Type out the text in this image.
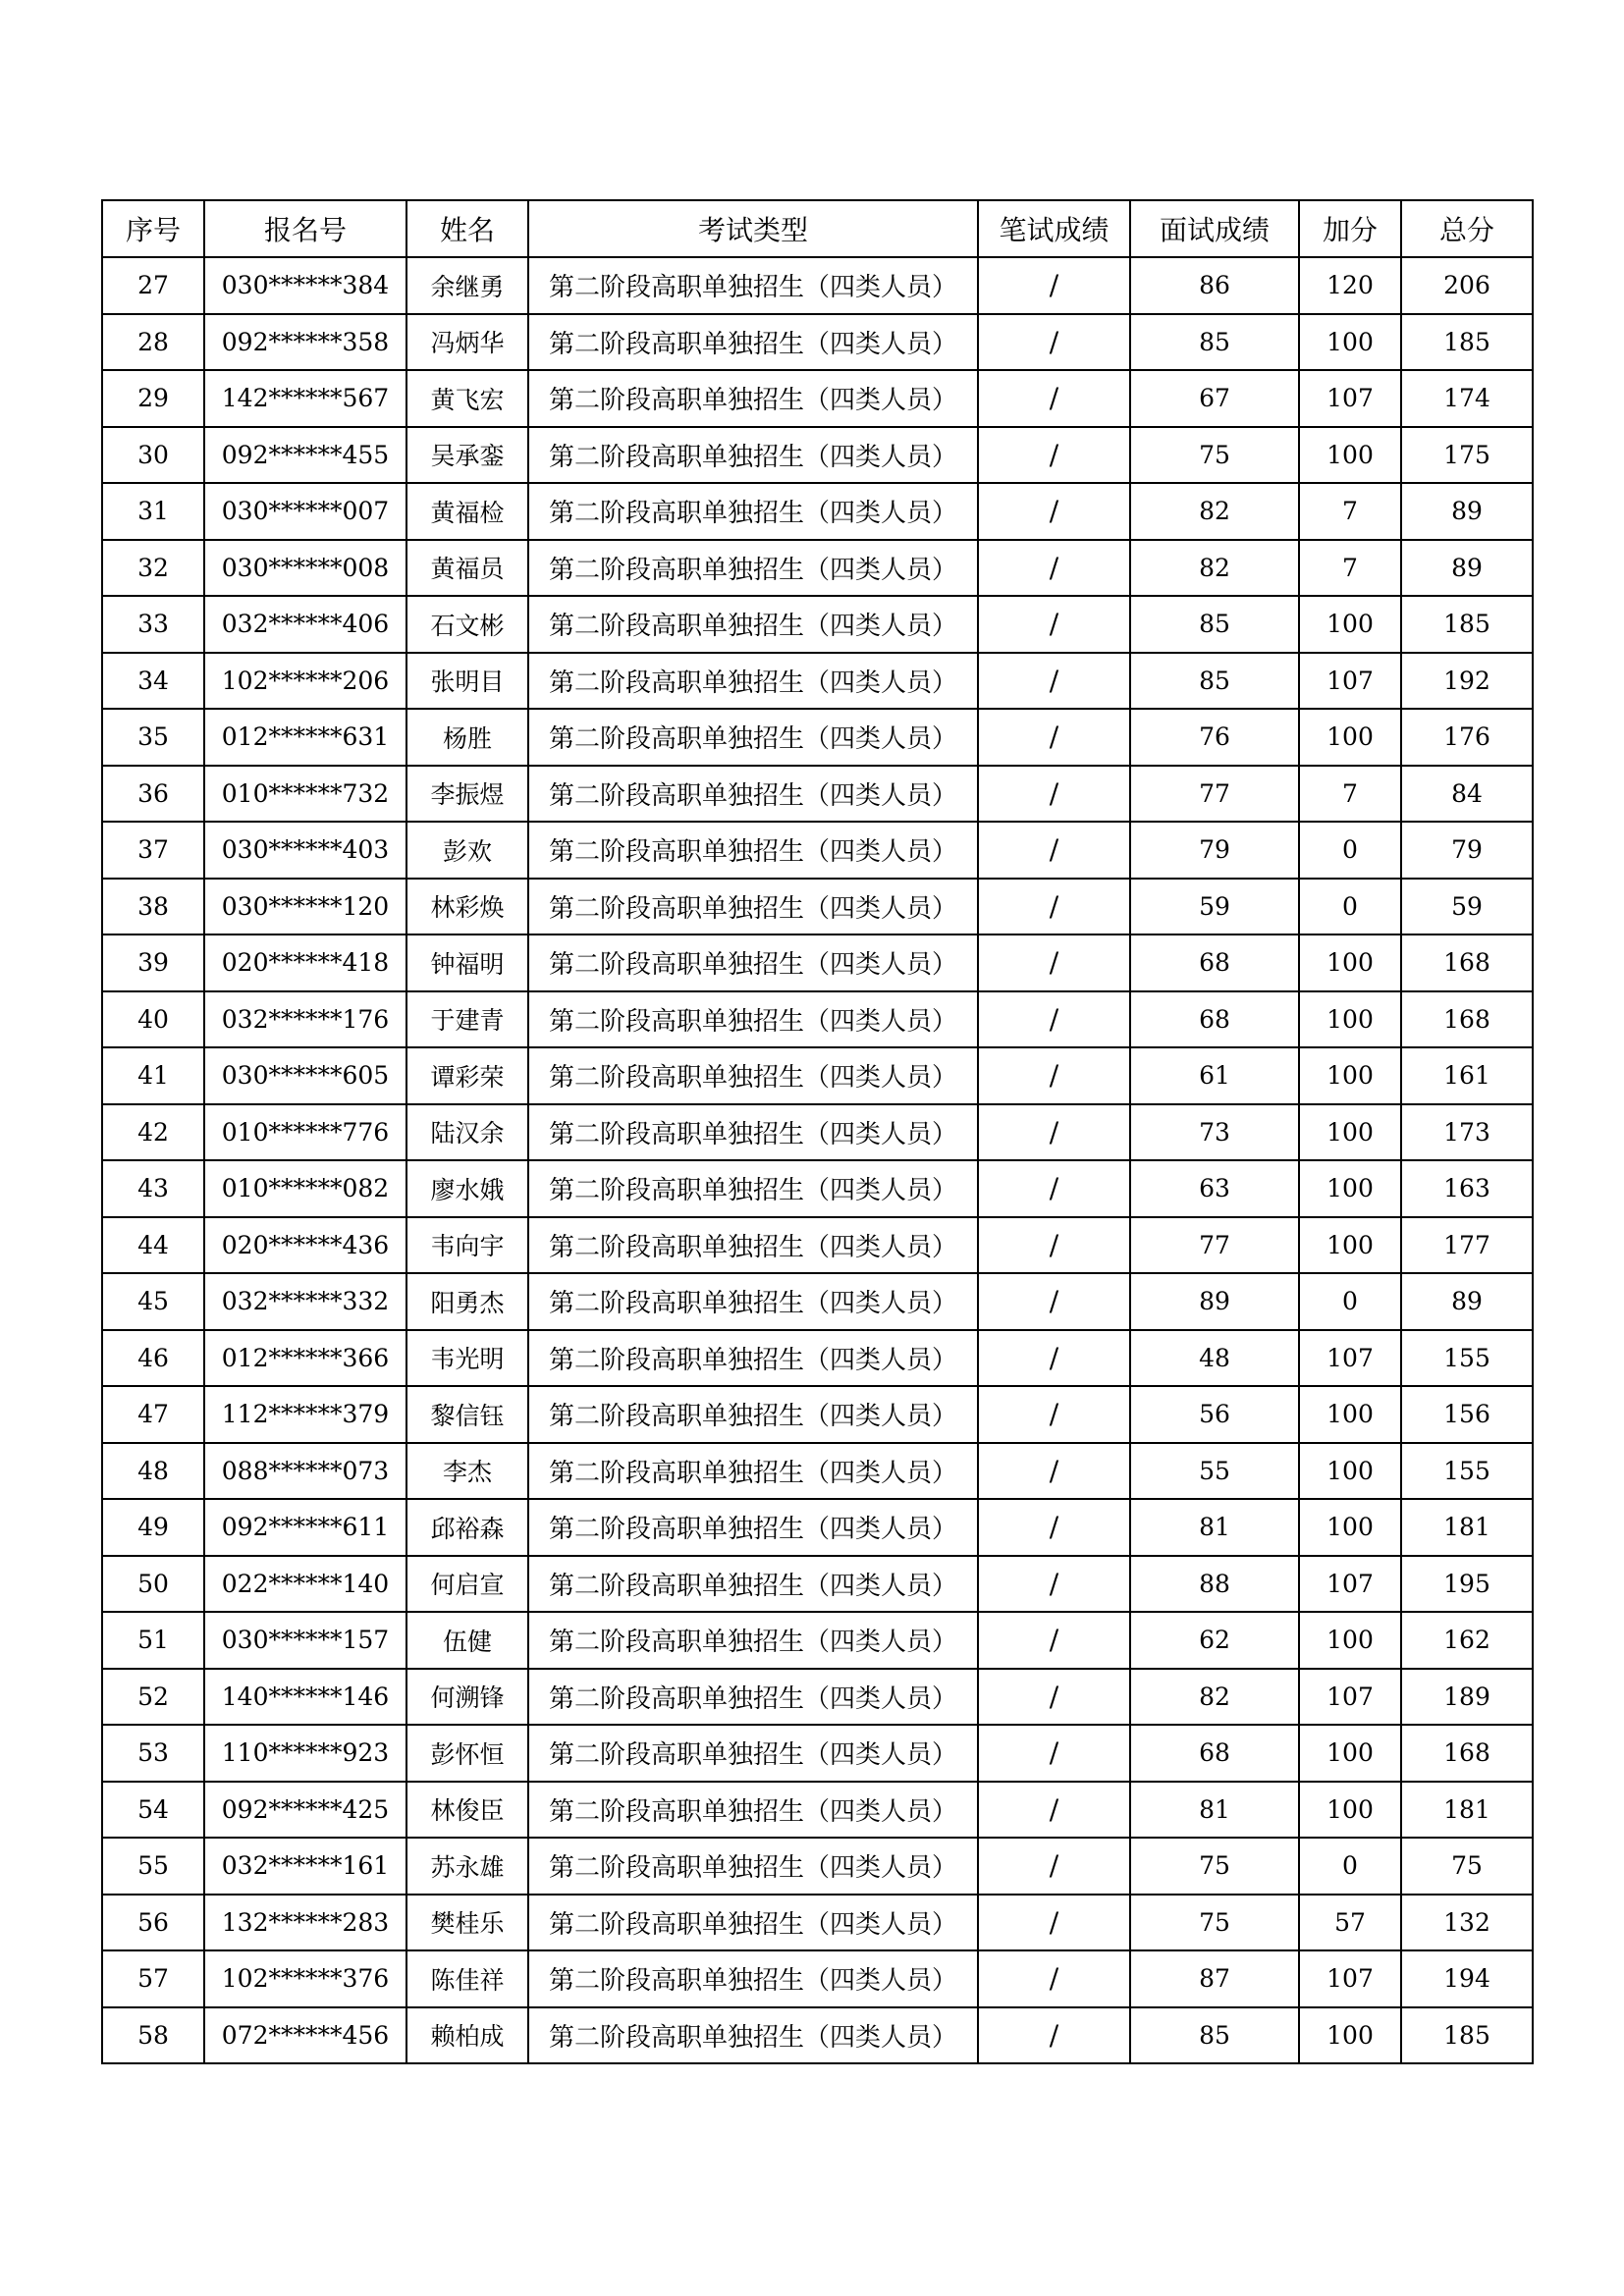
序号	报名号	姓名	考试类型	笔试成绩	面试成绩	加分	总分
27	030******384	余继勇	第二阶段高职单独招生（四类人员）	/	86	120	206
28	092******358	冯炳华	第二阶段高职单独招生（四类人员）	/	85	100	185
29	142******567	黄飞宏	第二阶段高职单独招生（四类人员）	/	67	107	174
30	092******455	吴承銮	第二阶段高职单独招生（四类人员）	/	75	100	175
31	030******007	黄福检	第二阶段高职单独招生（四类人员）	/	82	7	89
32	030******008	黄福员	第二阶段高职单独招生（四类人员）	/	82	7	89
33	032******406	石文彬	第二阶段高职单独招生（四类人员）	/	85	100	185
34	102******206	张明目	第二阶段高职单独招生（四类人员）	/	85	107	192
35	012******631	杨胜	第二阶段高职单独招生（四类人员）	/	76	100	176
36	010******732	李振煜	第二阶段高职单独招生（四类人员）	/	77	7	84
37	030******403	彭欢	第二阶段高职单独招生（四类人员）	/	79	0	79
38	030******120	林彩焕	第二阶段高职单独招生（四类人员）	/	59	0	59
39	020******418	钟福明	第二阶段高职单独招生（四类人员）	/	68	100	168
40	032******176	于建青	第二阶段高职单独招生（四类人员）	/	68	100	168
41	030******605	谭彩荣	第二阶段高职单独招生（四类人员）	/	61	100	161
42	010******776	陆汉余	第二阶段高职单独招生（四类人员）	/	73	100	173
43	010******082	廖水娥	第二阶段高职单独招生（四类人员）	/	63	100	163
44	020******436	韦向宇	第二阶段高职单独招生（四类人员）	/	77	100	177
45	032******332	阳勇杰	第二阶段高职单独招生（四类人员）	/	89	0	89
46	012******366	韦光明	第二阶段高职单独招生（四类人员）	/	48	107	155
47	112******379	黎信钰	第二阶段高职单独招生（四类人员）	/	56	100	156
48	088******073	李杰	第二阶段高职单独招生（四类人员）	/	55	100	155
49	092******611	邱裕森	第二阶段高职单独招生（四类人员）	/	81	100	181
50	022******140	何启宣	第二阶段高职单独招生（四类人员）	/	88	107	195
51	030******157	伍健	第二阶段高职单独招生（四类人员）	/	62	100	162
52	140******146	何溯锋	第二阶段高职单独招生（四类人员）	/	82	107	189
53	110******923	彭怀恒	第二阶段高职单独招生（四类人员）	/	68	100	168
54	092******425	林俊臣	第二阶段高职单独招生（四类人员）	/	81	100	181
55	032******161	苏永雄	第二阶段高职单独招生（四类人员）	/	75	0	75
56	132******283	樊桂乐	第二阶段高职单独招生（四类人员）	/	75	57	132
57	102******376	陈佳祥	第二阶段高职单独招生（四类人员）	/	87	107	194
58	072******456	赖柏成	第二阶段高职单独招生（四类人员）	/	85	100	185
